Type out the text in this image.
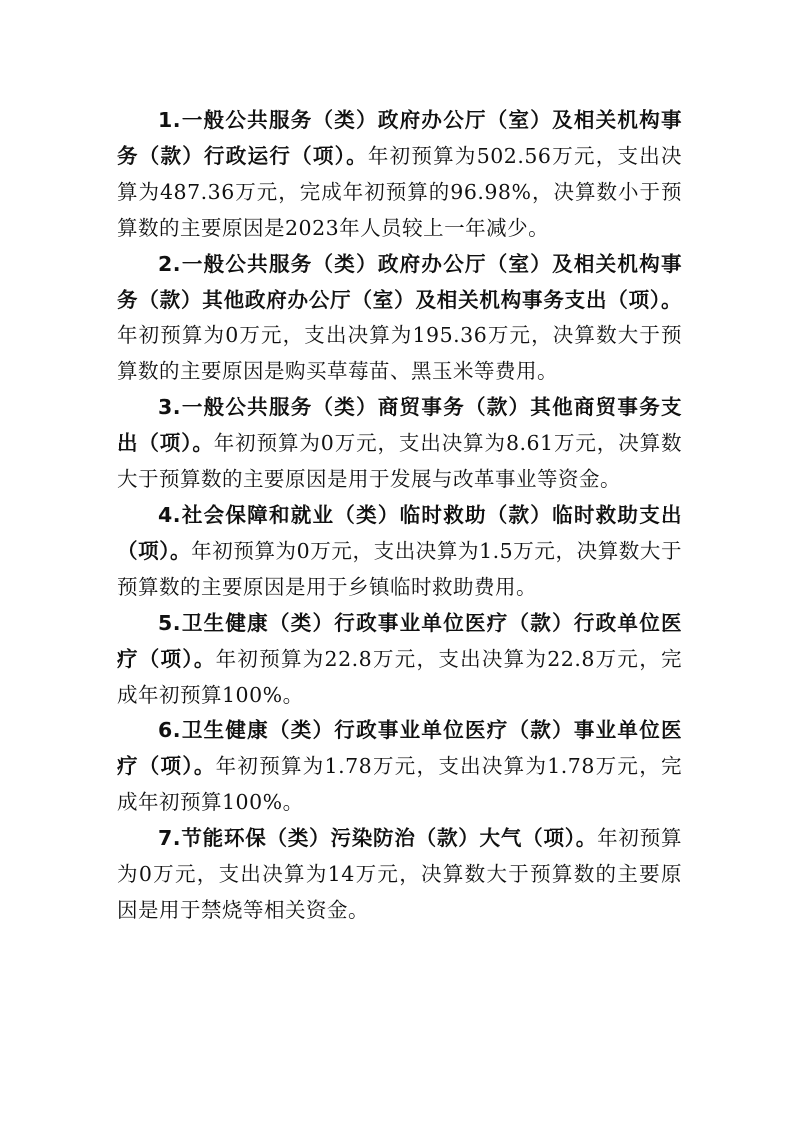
1.一般公共服务（类）政府办公厅（室）及相关机构事务（款）行政运行（项）。年初预算为502.56万元，支出决算为487.36万元，完成年初预算的96.98%，决算数小于预算数的主要原因是2023年人员较上一年减少。

2.一般公共服务（类）政府办公厅（室）及相关机构事务（款）其他政府办公厅（室）及相关机构事务支出（项）。年初预算为0万元，支出决算为195.36万元，决算数大于预算数的主要原因是购买草莓苗、黑玉米等费用。

3.一般公共服务（类）商贸事务（款）其他商贸事务支出（项）。年初预算为0万元，支出决算为8.61万元，决算数大于预算数的主要原因是用于发展与改革事业等资金。

4.社会保障和就业（类）临时救助（款）临时救助支出（项）。年初预算为0万元，支出决算为1.5万元，决算数大于预算数的主要原因是用于乡镇临时救助费用。

5.卫生健康（类）行政事业单位医疗（款）行政单位医疗（项）。年初预算为22.8万元，支出决算为22.8万元，完成年初预算100%。

6.卫生健康（类）行政事业单位医疗（款）事业单位医疗（项）。年初预算为1.78万元，支出决算为1.78万元，完成年初预算100%。

7.节能环保（类）污染防治（款）大气（项）。年初预算为0万元，支出决算为14万元，决算数大于预算数的主要原因是用于禁烧等相关资金。
